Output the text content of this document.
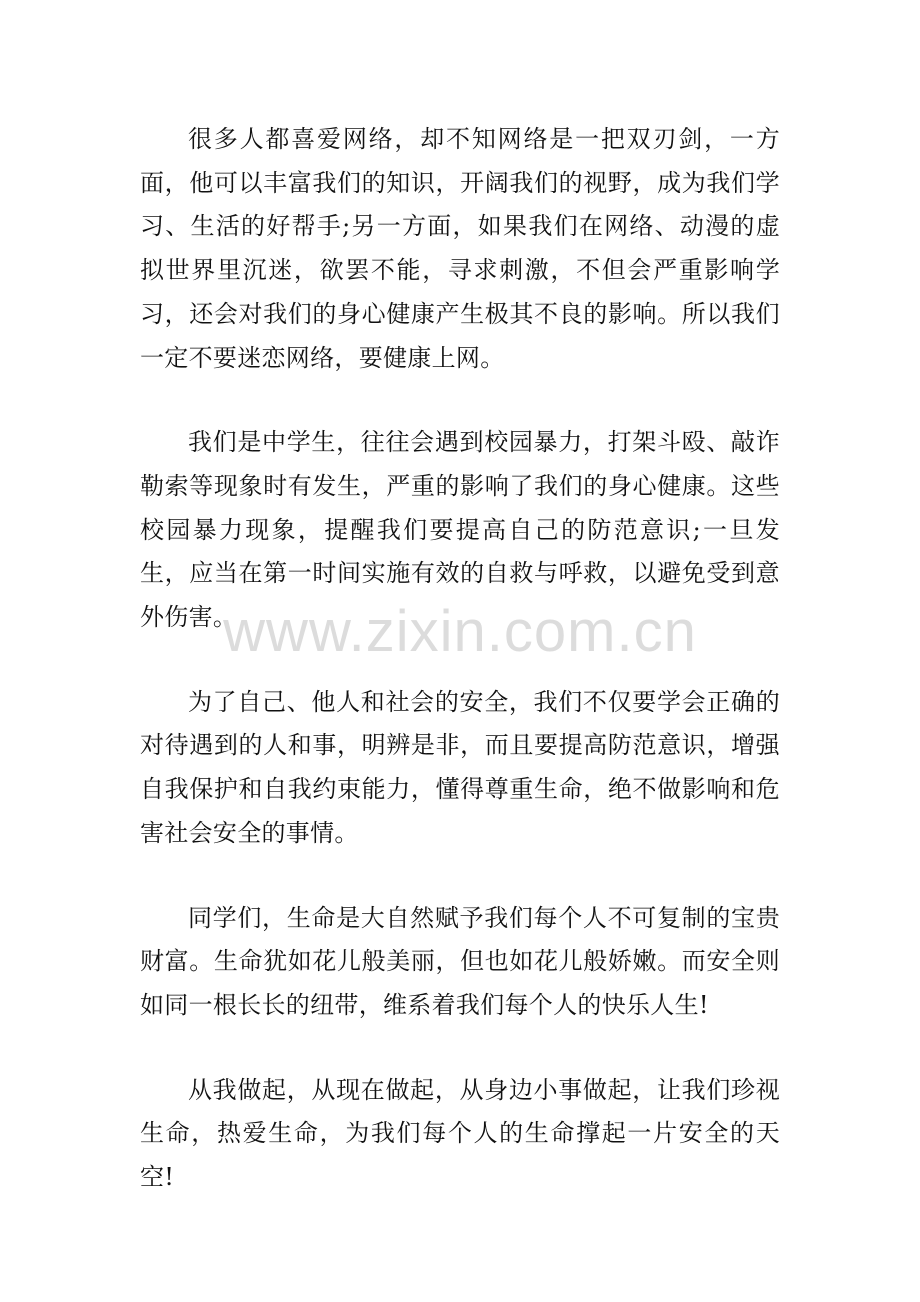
www.zixin.com.cn

很多人都喜爱网络，却不知网络是一把双刃剑，一方面，他可以丰富我们的知识，开阔我们的视野，成为我们学习、生活的好帮手;另一方面，如果我们在网络、动漫的虚拟世界里沉迷，欲罢不能，寻求刺激，不但会严重影响学习，还会对我们的身心健康产生极其不良的影响。所以我们一定不要迷恋网络，要健康上网。

我们是中学生，往往会遇到校园暴力，打架斗殴、敲诈勒索等现象时有发生，严重的影响了我们的身心健康。这些校园暴力现象，提醒我们要提高自己的防范意识;一旦发生，应当在第一时间实施有效的自救与呼救，以避免受到意外伤害。

为了自己、他人和社会的安全，我们不仅要学会正确的对待遇到的人和事，明辨是非，而且要提高防范意识，增强自我保护和自我约束能力，懂得尊重生命，绝不做影响和危害社会安全的事情。

同学们，生命是大自然赋予我们每个人不可复制的宝贵财富。生命犹如花儿般美丽，但也如花儿般娇嫩。而安全则如同一根长长的纽带，维系着我们每个人的快乐人生!

从我做起，从现在做起，从身边小事做起，让我们珍视生命，热爱生命，为我们每个人的生命撑起一片安全的天空!
